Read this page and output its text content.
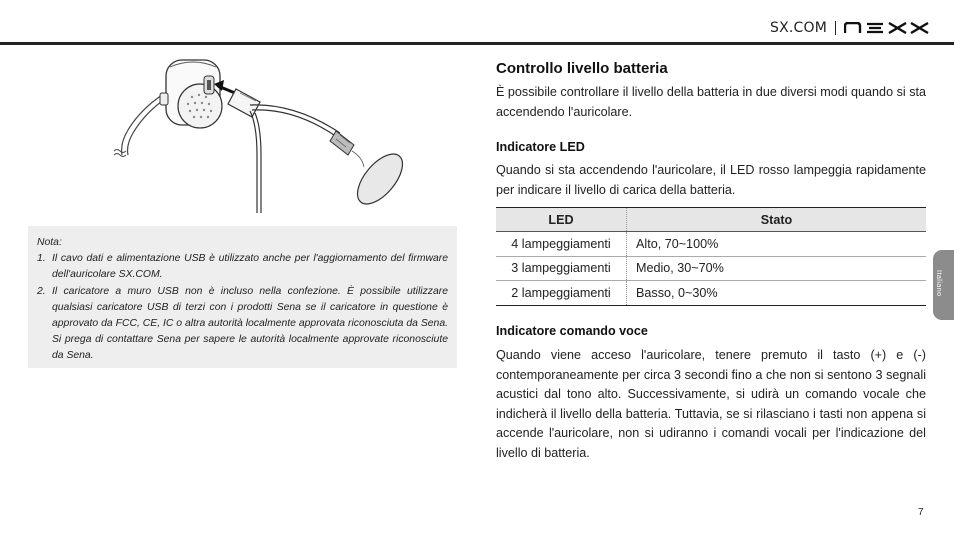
SX.COM
Nota:
1. Il cavo dati e alimentazione USB è utilizzato anche per l'aggiornamento del firmware dell'auricolare SX.COM.
2. Il caricatore a muro USB non è incluso nella confezione. È possibile utilizzare qualsiasi caricatore USB di terzi con i prodotti Sena se il caricatore in questione è approvato da FCC, CE, IC o altra autorità localmente approvata riconosciuta da Sena. Si prega di contattare Sena per sapere le autorità localmente approvate riconosciute da Sena.
Controllo livello batteria
È possibile controllare il livello della batteria in due diversi modi quando si sta accendendo l'auricolare.
Indicatore LED
Quando si sta accendendo l'auricolare, il LED rosso lampeggia rapidamente per indicare il livello di carica della batteria.
LED	Stato
4 lampeggiamenti	Alto, 70~100%
3 lampeggiamenti	Medio, 30~70%
2 lampeggiamenti	Basso, 0~30%
Indicatore comando voce
Quando viene acceso l'auricolare, tenere premuto il tasto (+) e (-) contemporaneamente per circa 3 secondi fino a che non si sentono 3 segnali acustici dal tono alto. Successivamente, si udirà un comando vocale che indicherà il livello della batteria. Tuttavia, se si rilasciano i tasti non appena si accende l'auricolare, non si udiranno i comandi vocali per l'indicazione del livello di batteria.
Italiano
7
